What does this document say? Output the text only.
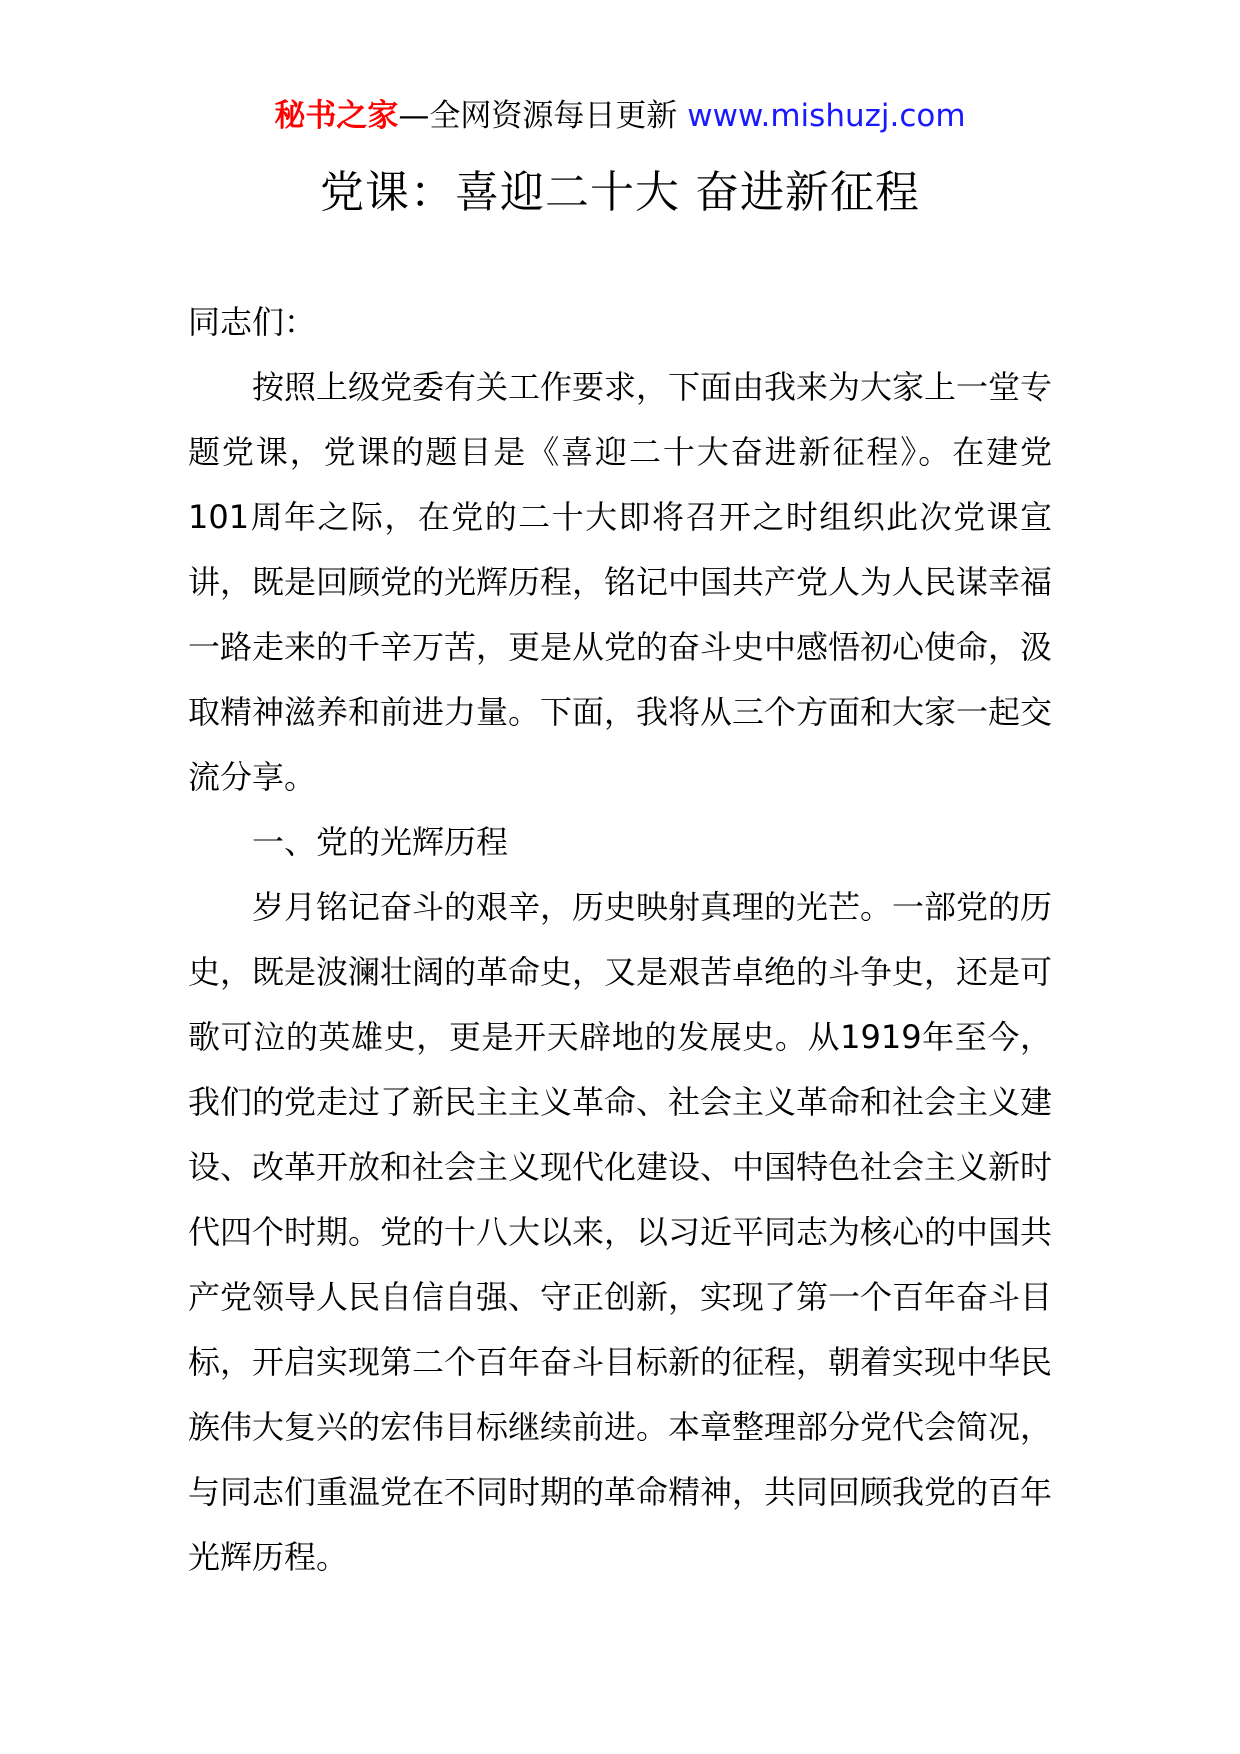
秘书之家—全网资源每日更新 www.mishuzj.com
党课：喜迎二十大 奋进新征程

同志们：

按照上级党委有关工作要求，下面由我来为大家上一堂专题党课，党课的题目是《喜迎二十大奋进新征程》。在建党101周年之际，在党的二十大即将召开之时组织此次党课宣讲，既是回顾党的光辉历程，铭记中国共产党人为人民谋幸福一路走来的千辛万苦，更是从党的奋斗史中感悟初心使命，汲取精神滋养和前进力量。下面，我将从三个方面和大家一起交流分享。

一、党的光辉历程

岁月铭记奋斗的艰辛，历史映射真理的光芒。一部党的历史，既是波澜壮阔的革命史，又是艰苦卓绝的斗争史，还是可歌可泣的英雄史，更是开天辟地的发展史。从1919年至今，我们的党走过了新民主主义革命、社会主义革命和社会主义建设、改革开放和社会主义现代化建设、中国特色社会主义新时代四个时期。党的十八大以来，以习近平同志为核心的中国共产党领导人民自信自强、守正创新，实现了第一个百年奋斗目标，开启实现第二个百年奋斗目标新的征程，朝着实现中华民族伟大复兴的宏伟目标继续前进。本章整理部分党代会简况，与同志们重温党在不同时期的革命精神，共同回顾我党的百年光辉历程。
